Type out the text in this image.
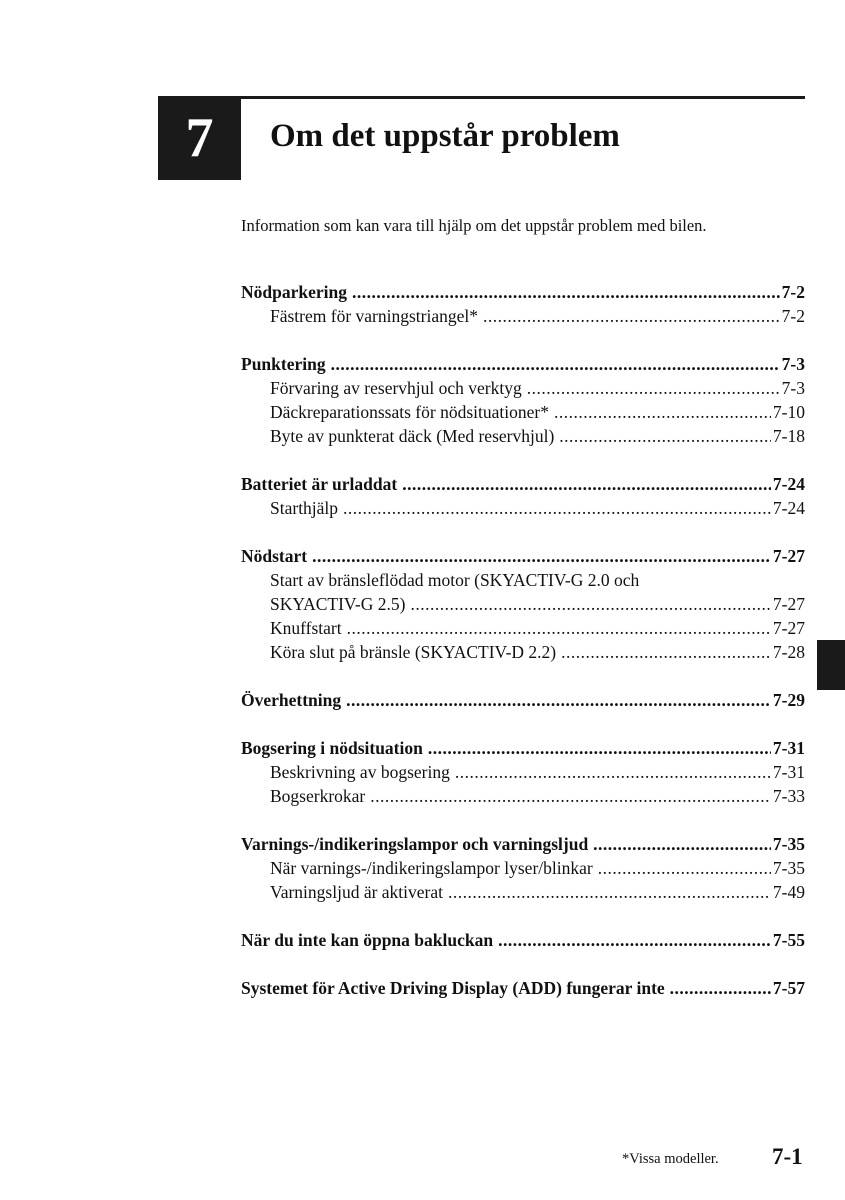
7 Om det uppstår problem
Information som kan vara till hjälp om det uppstår problem med bilen.
Nödparkering .....	7-2
Fästrem för varningstriangel* .....	7-2
Punktering .....	7-3
Förvaring av reservhjul och verktyg .....	7-3
Däckreparationssats för nödsituationer* .....	7-10
Byte av punkterat däck (Med reservhjul) .....	7-18
Batteriet är urladdat .....	7-24
Starthjälp .....	7-24
Nödstart .....	7-27
Start av bränsleflödad motor (SKYACTIV-G 2.0 och
SKYACTIV-G 2.5) .....	7-27
Knuffstart .....	7-27
Köra slut på bränsle (SKYACTIV-D 2.2) .....	7-28
Överhettning .....	7-29
Bogsering i nödsituation .....	7-31
Beskrivning av bogsering .....	7-31
Bogserkrokar .....	7-33
Varnings-/indikeringslampor och varningsljud .....	7-35
När varnings-/indikeringslampor lyser/blinkar .....	7-35
Varningsljud är aktiverat .....	7-49
När du inte kan öppna bakluckan .....	7-55
Systemet för Active Driving Display (ADD) fungerar inte .....	7-57
*Vissa modeller. 7-1
